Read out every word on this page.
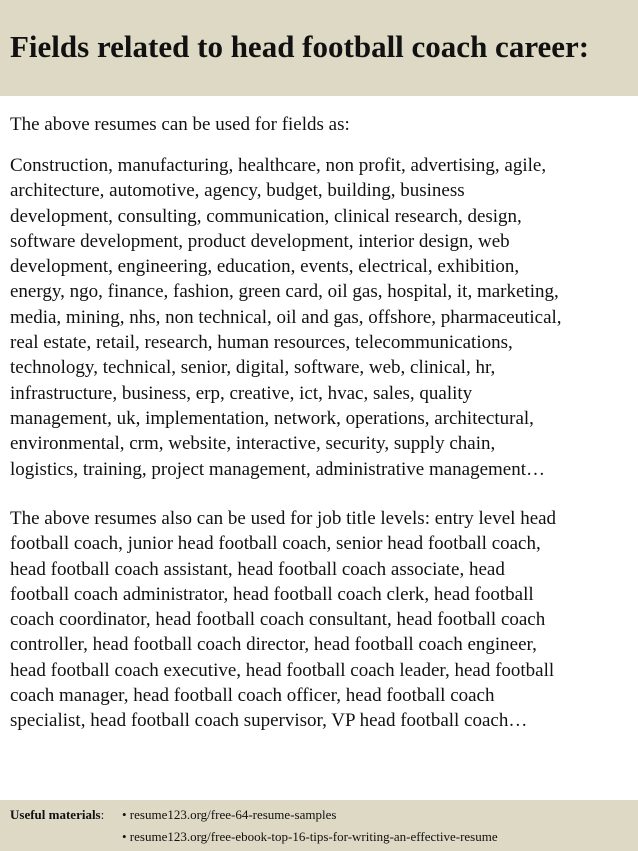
Fields related to head football coach career:

The above resumes can be used for fields as:

Construction, manufacturing, healthcare, non profit, advertising, agile,
architecture, automotive, agency, budget, building, business
development, consulting, communication, clinical research, design,
software development, product development, interior design, web
development, engineering, education, events, electrical, exhibition,
energy, ngo, finance, fashion, green card, oil gas, hospital, it, marketing,
media, mining, nhs, non technical, oil and gas, offshore, pharmaceutical,
real estate, retail, research, human resources, telecommunications,
technology, technical, senior, digital, software, web, clinical, hr,
infrastructure, business, erp, creative, ict, hvac, sales, quality
management, uk, implementation, network, operations, architectural,
environmental, crm, website, interactive, security, supply chain,
logistics, training, project management, administrative management…
The above resumes also can be used for job title levels: entry level head
football coach, junior head football coach, senior head football coach,
head football coach assistant, head football coach associate, head
football coach administrator, head football coach clerk, head football
coach coordinator, head football coach consultant, head football coach
controller, head football coach director, head football coach engineer,
head football coach executive, head football coach leader, head football
coach manager, head football coach officer, head football coach
specialist, head football coach supervisor, VP head football coach…
Useful materials: • resume123.org/free-64-resume-samples
• resume123.org/free-ebook-top-16-tips-for-writing-an-effective-resume
